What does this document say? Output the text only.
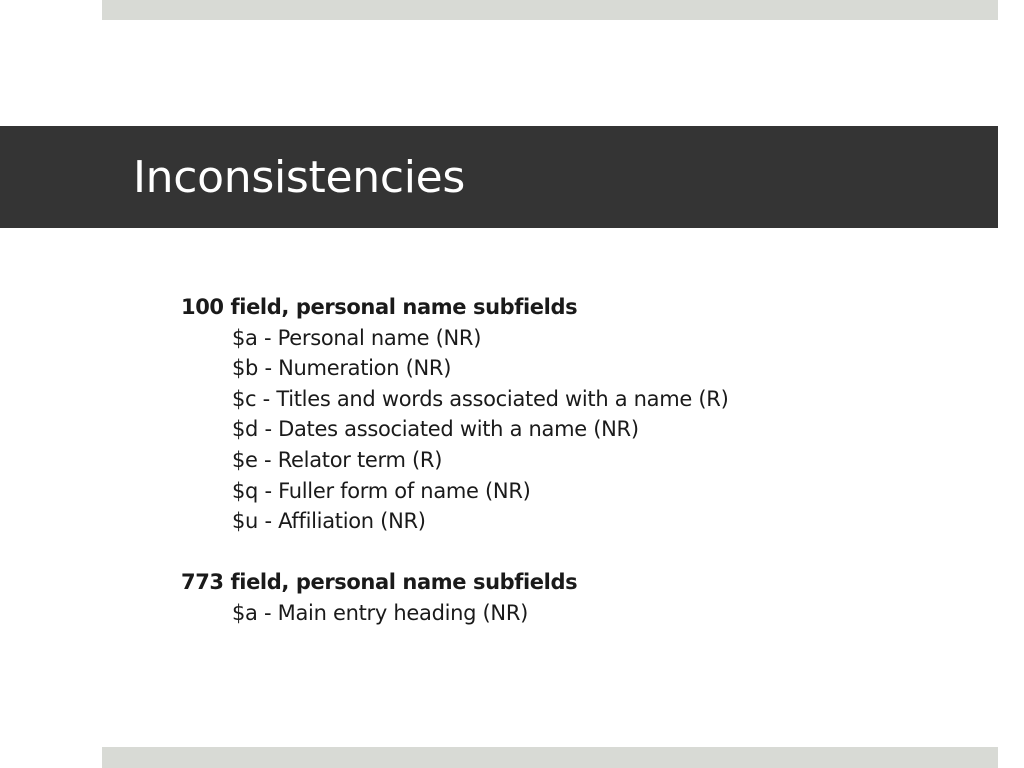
Inconsistencies
100 field, personal name subfields
$a - Personal name (NR)
$b - Numeration (NR)
$c - Titles and words associated with a name (R)
$d - Dates associated with a name (NR)
$e - Relator term (R)
$q - Fuller form of name (NR)
$u - Affiliation (NR)
773 field, personal name subfields
$a - Main entry heading (NR)
